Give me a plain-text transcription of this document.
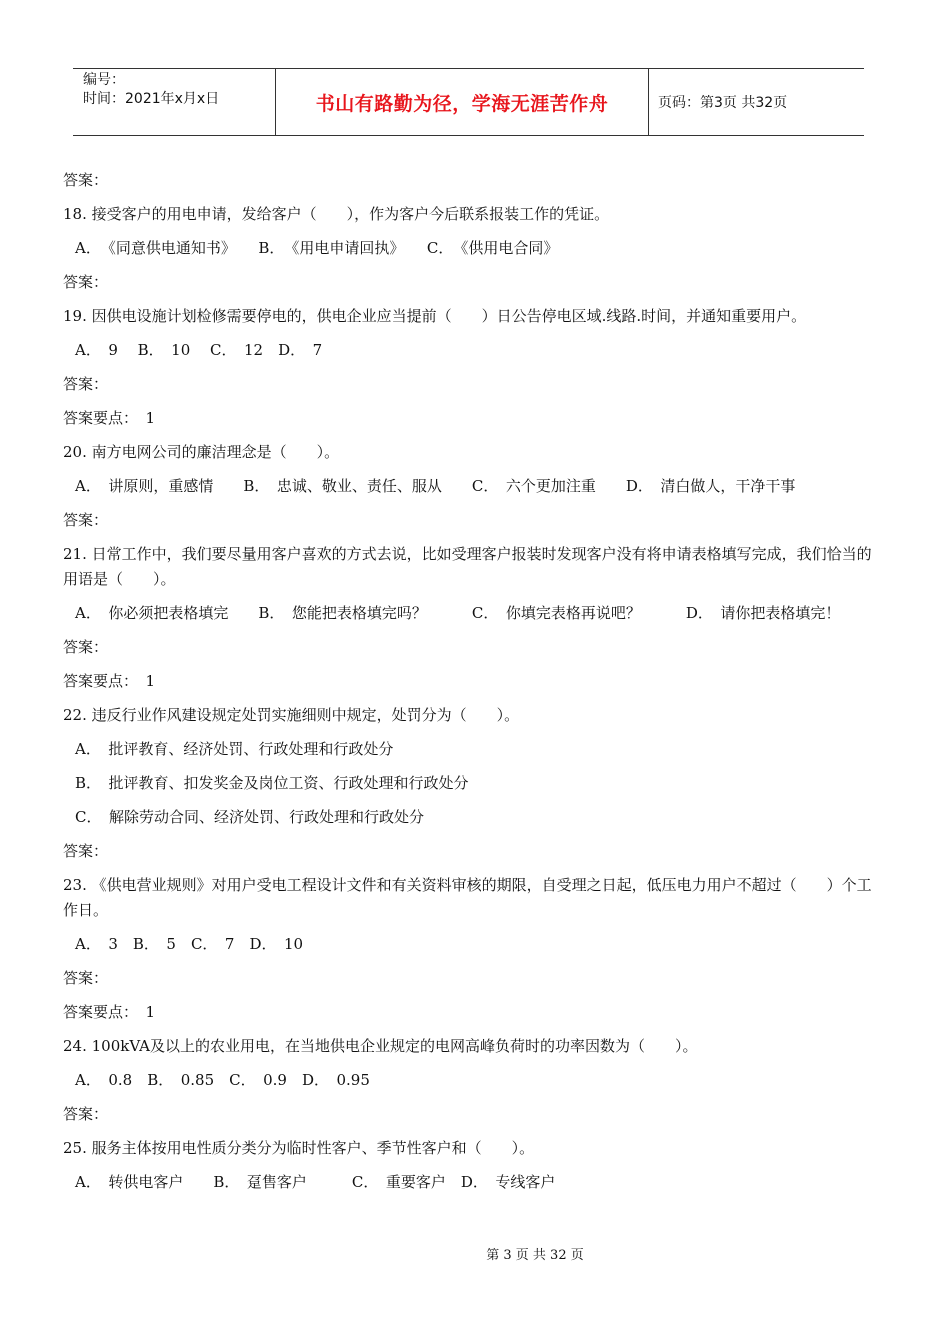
编号：
时间：2021年x月x日	书山有路勤为径，学海无涯苦作舟	页码：第3页 共32页
答案：
18. 接受客户的用电申请，发给客户（　　），作为客户今后联系报装工作的凭证。
A．　《同意供电通知书》　　B．　《用电申请回执》　　C．　《供用电合同》
答案：
19. 因供电设施计划检修需要停电的，供电企业应当提前（　　）日公告停电区域.线路.时间，并通知重要用户。
A．　9　 B．　10　 C．　12　D．　7
答案：
答案要点：　1
20. 南方电网公司的廉洁理念是（　　）。
A．　讲原则，重感情　　B．　忠诚、敬业、责任、服从　　C．　六个更加注重　　D．　清白做人，干净干事
答案：
21. 日常工作中，我们要尽量用客户喜欢的方式去说，比如受理客户报装时发现客户没有将申请表格填写完成，我们恰当的用语是（　　）。
A．　你必须把表格填完　　B．　您能把表格填完吗？　　　C．　你填完表格再说吧？　　　D．　请你把表格填完！
答案：
答案要点：　1
22. 违反行业作风建设规定处罚实施细则中规定，处罚分为（　　）。
A．　批评教育、经济处罚、行政处理和行政处分
B．　批评教育、扣发奖金及岗位工资、行政处理和行政处分
C．　解除劳动合同、经济处罚、行政处理和行政处分
答案：
23. 《供电营业规则》对用户受电工程设计文件和有关资料审核的期限，自受理之日起，低压电力用户不超过（　　）个工作日。
A．　3　B．　5　C．　7　D．　10
答案：
答案要点：　1
24. 100kVA及以上的农业用电，在当地供电企业规定的电网高峰负荷时的功率因数为（　　）。
A．　0.8　B．　0.85　C．　0.9　D．　0.95
答案：
25. 服务主体按用电性质分类分为临时性客户、季节性客户和（　　）。
A．　转供电客户　　B．　趸售客户　　　C．　重要客户　D．　专线客户
第 3 页 共 32 页
